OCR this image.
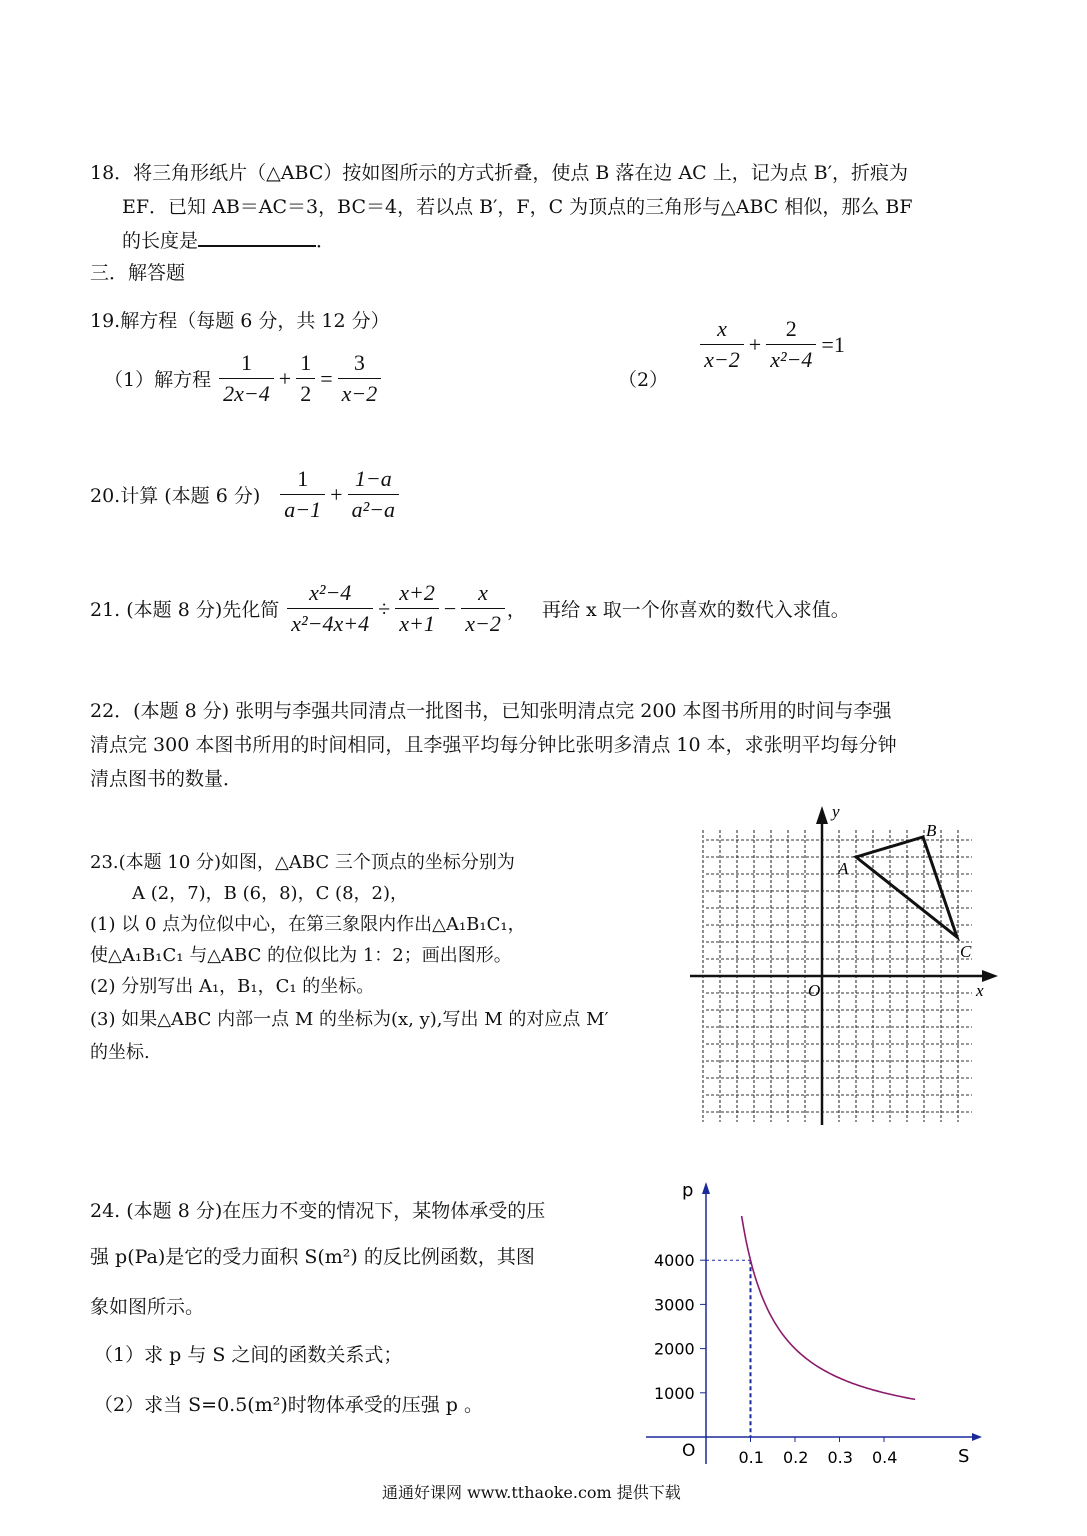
18．将三角形纸片（△ABC）按如图所示的方式折叠，使点 B 落在边 AC 上，记为点 B′，折痕为
EF．已知 AB＝AC＝3，BC＝4，若以点 B′，F，C 为顶点的三角形与△ABC 相似，那么 BF
的长度是	．
三．解答题
19.解方程（每题 6 分，共 12 分）
（1）解方程 $\frac{1}{2x-4} + \frac{1}{2} = \frac{3}{x-2}$	（2）
$\frac{x}{x-2} + \frac{2}{\text{x²−4}} =1$
20.计算 (本题 6 分) $\frac{1}{a-1} + \frac{1-a}{\text{a²−a}}$
21. (本题 8 分)先化简 $\frac{\text{x²−4}}{\text{x²−4x+4}} \div \frac{x+2}{x+1} - \frac{x}{x-2}$ ， 再给 x 取一个你喜欢的数代入求值。
22．(本题 8 分) 张明与李强共同清点一批图书，已知张明清点完 200 本图书所用的时间与李强
清点完 300 本图书所用的时间相同，且李强平均每分钟比张明多清点 10 本，求张明平均每分钟
清点图书的数量．
23.(本题 10 分)如图，△ABC 三个顶点的坐标分别为
A (2，7)，B (6，8)，C (8，2)，
(1) 以 0 点为位似中心，在第三象限内作出△A₁B₁C₁，
使△A₁B₁C₁ 与△ABC 的位似比为 1：2；画出图形。
(2) 分别写出 A₁，B₁，C₁ 的坐标。
(3) 如果△ABC 内部一点 M 的坐标为(x, y),写出 M 的对应点 M′
的坐标.
y
x
O
A
B
C
24. (本题 8 分)在压力不变的情况下，某物体承受的压
强 p(Pa)是它的受力面积 S(m²) 的反比例函数，其图
象如图所示。
（1）求 p 与 S 之间的函数关系式；
（2）求当 S=0.5(m²)时物体承受的压强 p 。
1000
2000
3000
4000
0.1 0.2 0.3 0.4
p
S
O
通通好课网 www.tthaoke.com 提供下载
